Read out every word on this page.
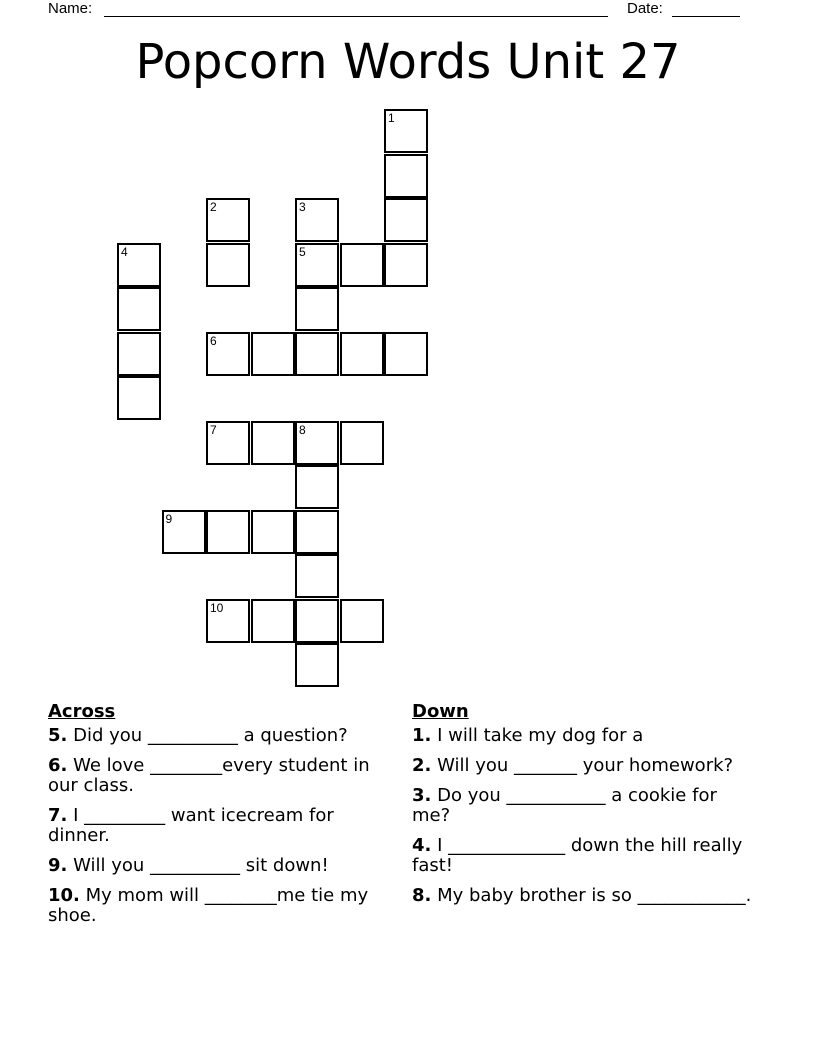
Name:	Date:
Popcorn Words Unit 27
1
2	3
5
4
6
7	8
9
10
Across
5. Did you __________ a question?
6. We love ________every student in our class.
7. I _________ want icecream for dinner.
9. Will you __________ sit down!
10. My mom will ________me tie my shoe.
Down
1. I will take my dog for a
2. Will you _______ your homework?
3. Do you ___________ a cookie for me?
4. I _____________ down the hill really fast!
8. My baby brother is so ____________.
